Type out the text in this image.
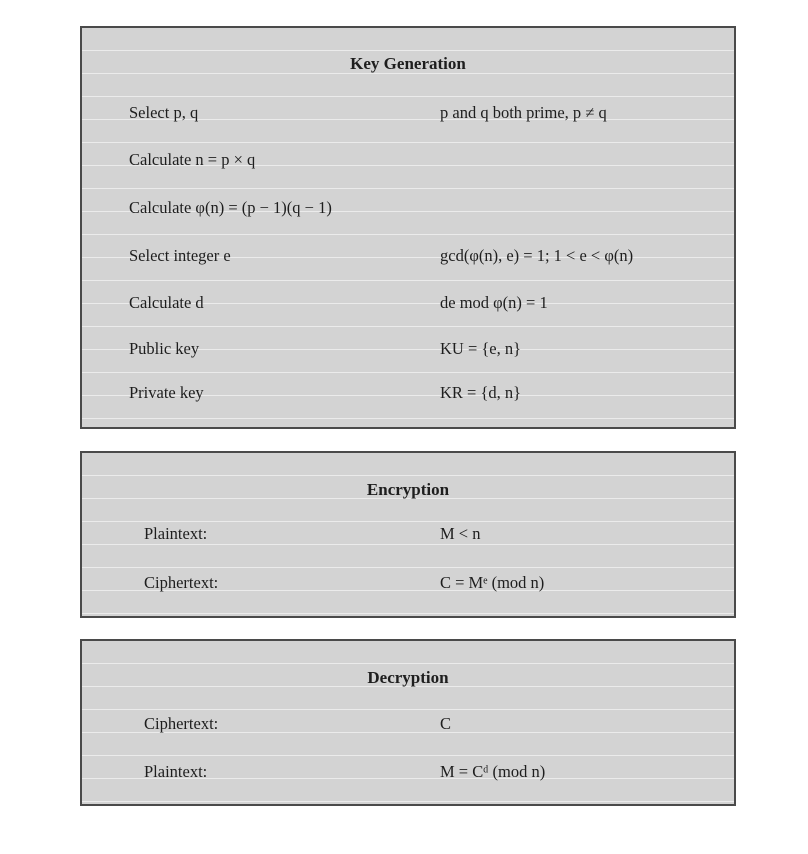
Key Generation
Select p, q	p and q both prime, p ≠ q
Calculate n = p × q
Calculate φ(n) = (p − 1)(q − 1)
Select integer e	gcd(φ(n), e) = 1; 1 < e < φ(n)
Calculate d	de mod φ(n) = 1
Public key	KU = {e, n}
Private key	KR = {d, n}
Encryption
Plaintext:	M < n
Ciphertext:	C = Mᵉ (mod n)
Decryption
Ciphertext:	C
Plaintext:	M = Cᵈ (mod n)
